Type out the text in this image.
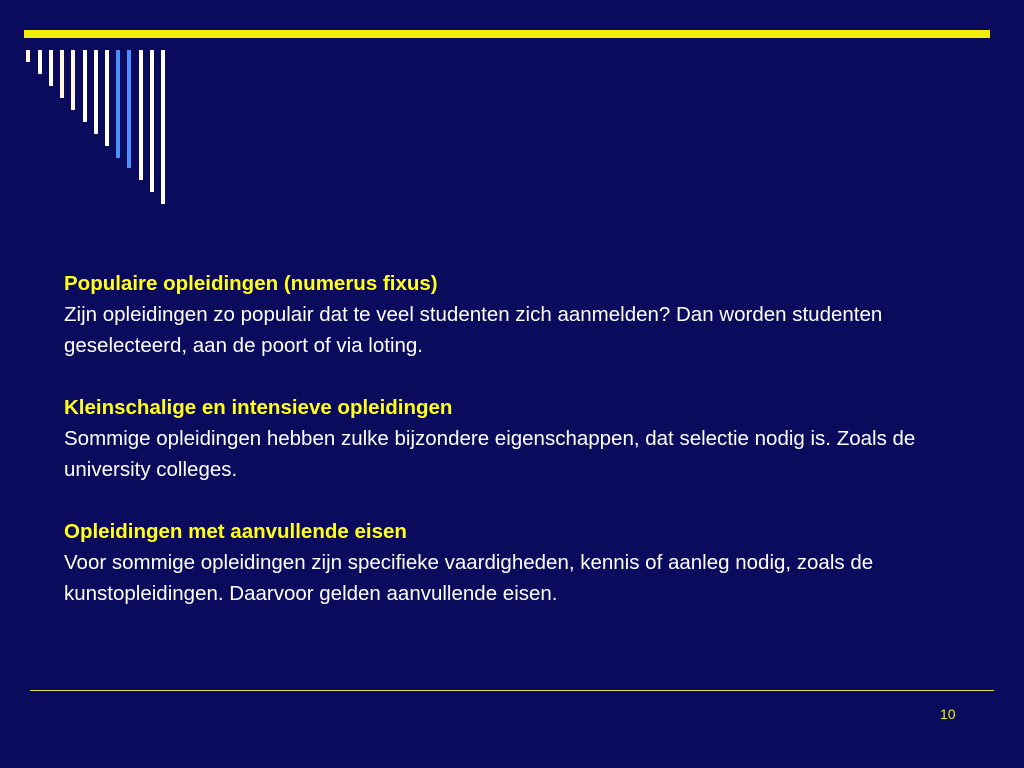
Populaire opleidingen (numerus fixus)

Zijn opleidingen zo populair dat te veel studenten zich aanmelden? Dan worden studenten geselecteerd, aan de poort of via loting.

Kleinschalige en intensieve opleidingen

Sommige opleidingen hebben zulke bijzondere eigenschappen, dat selectie nodig is. Zoals de university colleges.

Opleidingen met aanvullende eisen

Voor sommige opleidingen zijn specifieke vaardigheden, kennis of aanleg nodig, zoals de kunstopleidingen. Daarvoor gelden aanvullende eisen.

10
